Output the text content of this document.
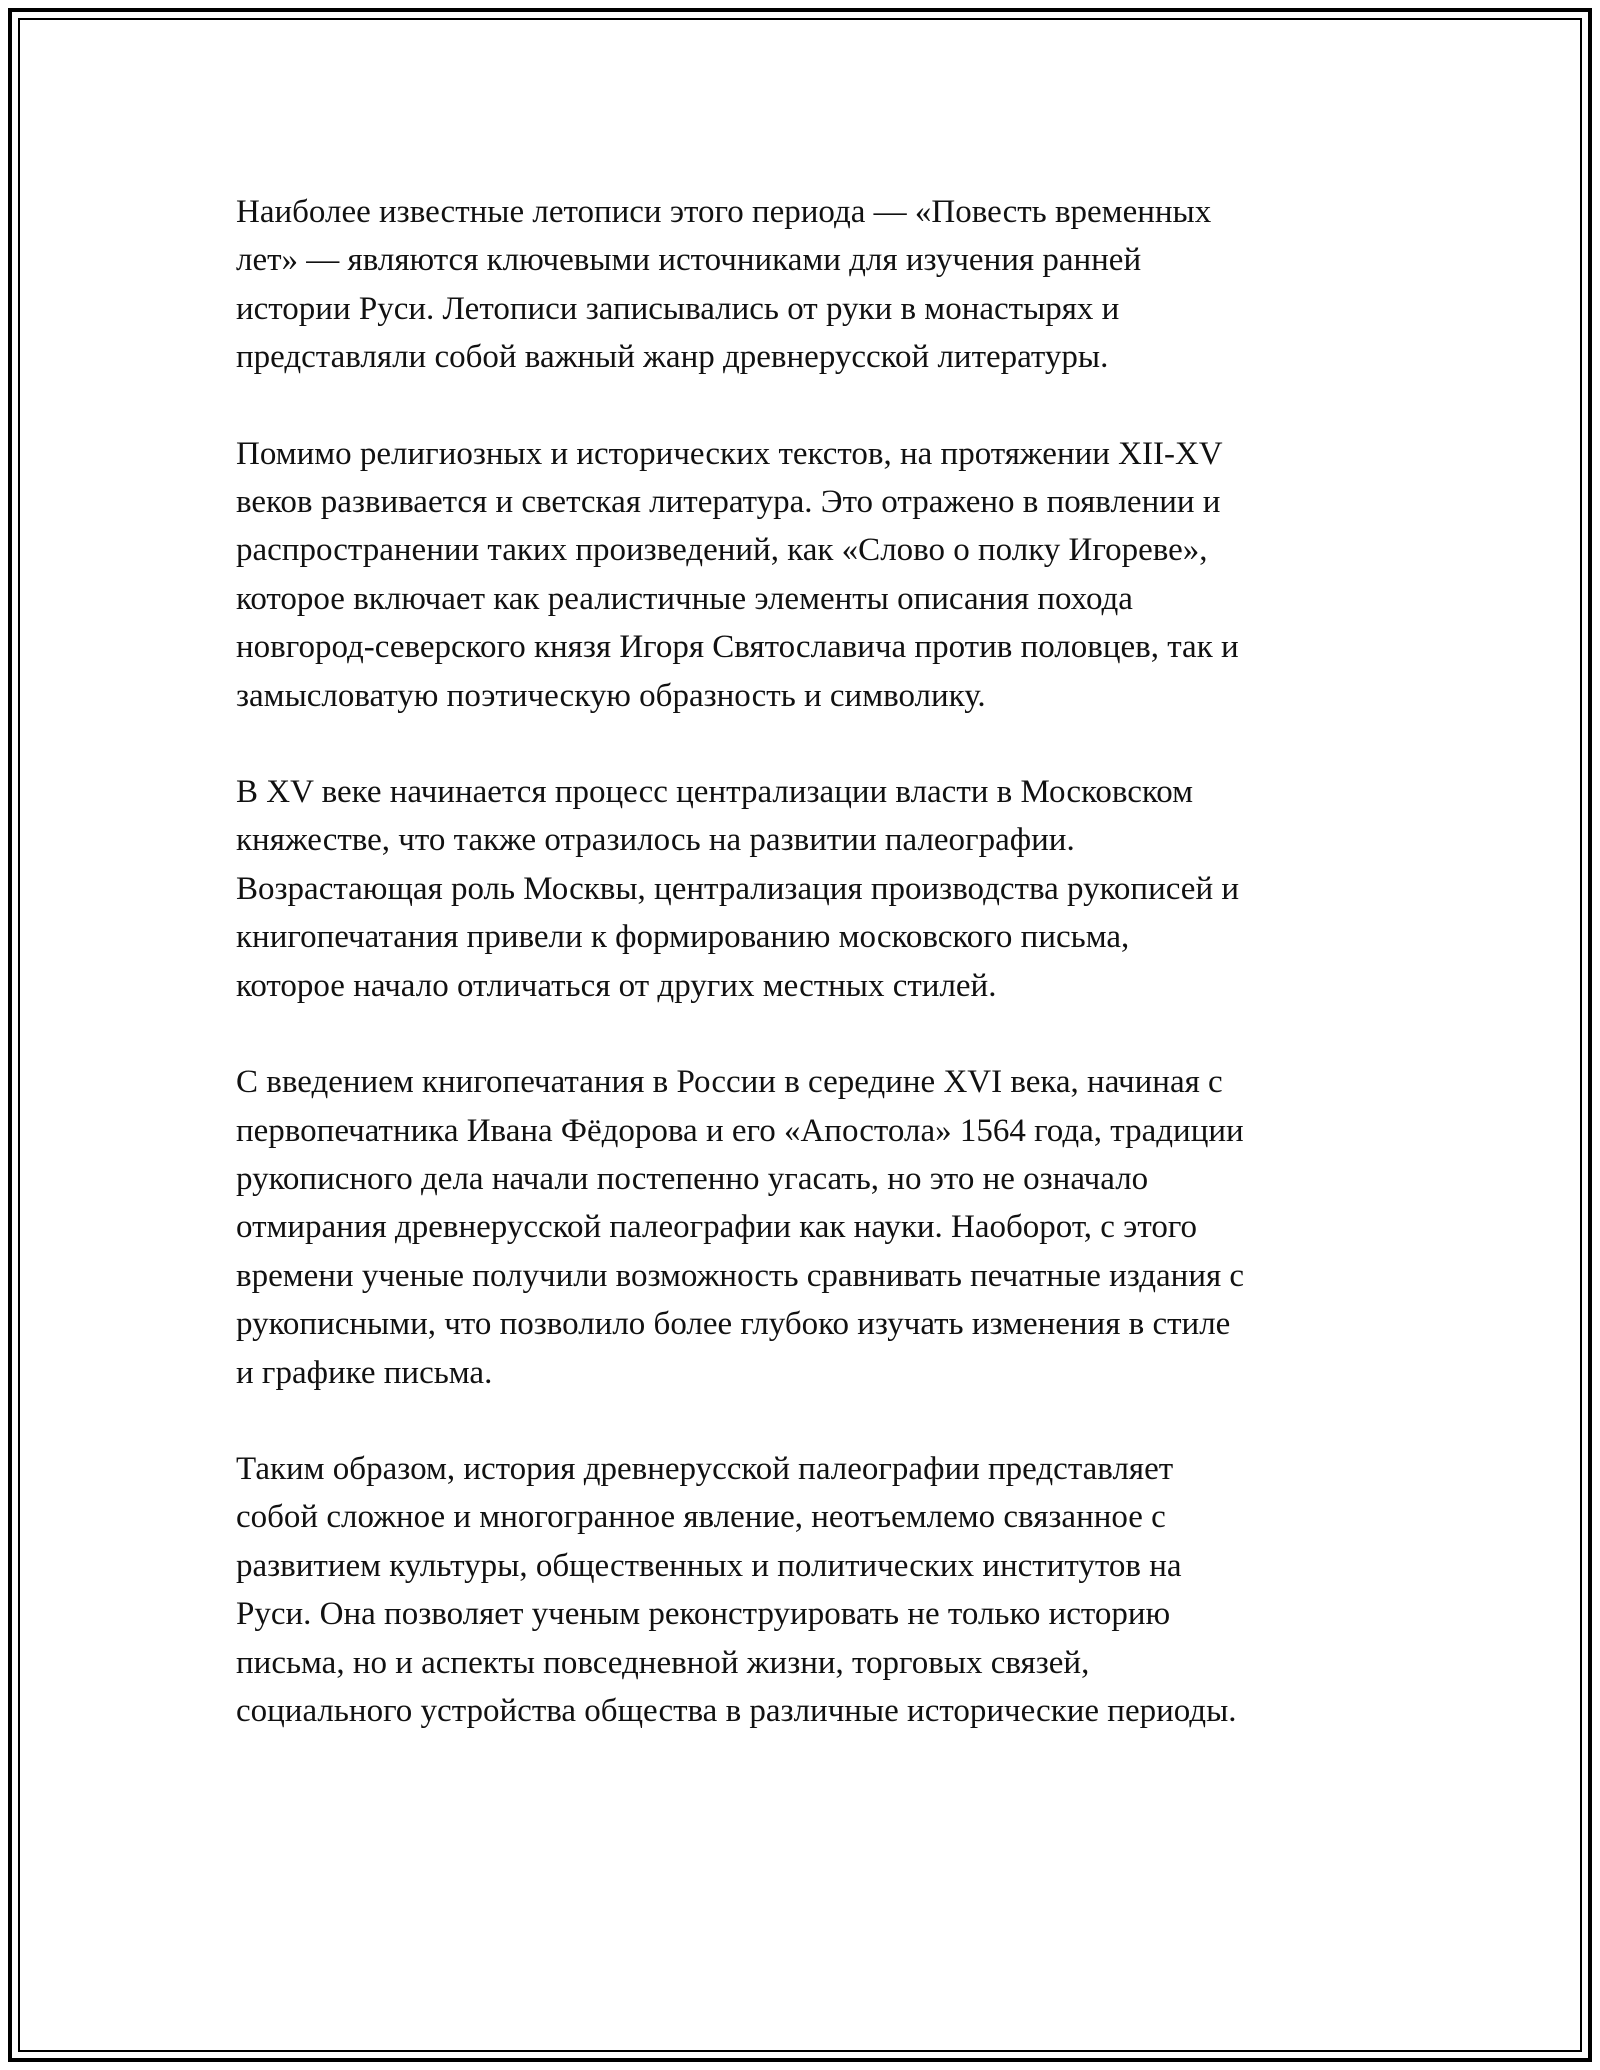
Наиболее известные летописи этого периода — «Повесть временных
лет» — являются ключевыми источниками для изучения ранней
истории Руси. Летописи записывались от руки в монастырях и
представляли собой важный жанр древнерусской литературы.

Помимо религиозных и исторических текстов, на протяжении XII-XV
веков развивается и светская литература. Это отражено в появлении и
распространении таких произведений, как «Слово о полку Игореве»,
которое включает как реалистичные элементы описания похода
новгород-северского князя Игоря Святославича против половцев, так и
замысловатую поэтическую образность и символику.

В XV веке начинается процесс централизации власти в Московском
княжестве, что также отразилось на развитии палеографии.
Возрастающая роль Москвы, централизация производства рукописей и
книгопечатания привели к формированию московского письма,
которое начало отличаться от других местных стилей.

С введением книгопечатания в России в середине XVI века, начиная с
первопечатника Ивана Фёдорова и его «Апостола» 1564 года, традиции
рукописного дела начали постепенно угасать, но это не означало
отмирания древнерусской палеографии как науки. Наоборот, с этого
времени ученые получили возможность сравнивать печатные издания с
рукописными, что позволило более глубоко изучать изменения в стиле
и графике письма.

Таким образом, история древнерусской палеографии представляет
собой сложное и многогранное явление, неотъемлемо связанное с
развитием культуры, общественных и политических институтов на
Руси. Она позволяет ученым реконструировать не только историю
письма, но и аспекты повседневной жизни, торговых связей,
социального устройства общества в различные исторические периоды.
